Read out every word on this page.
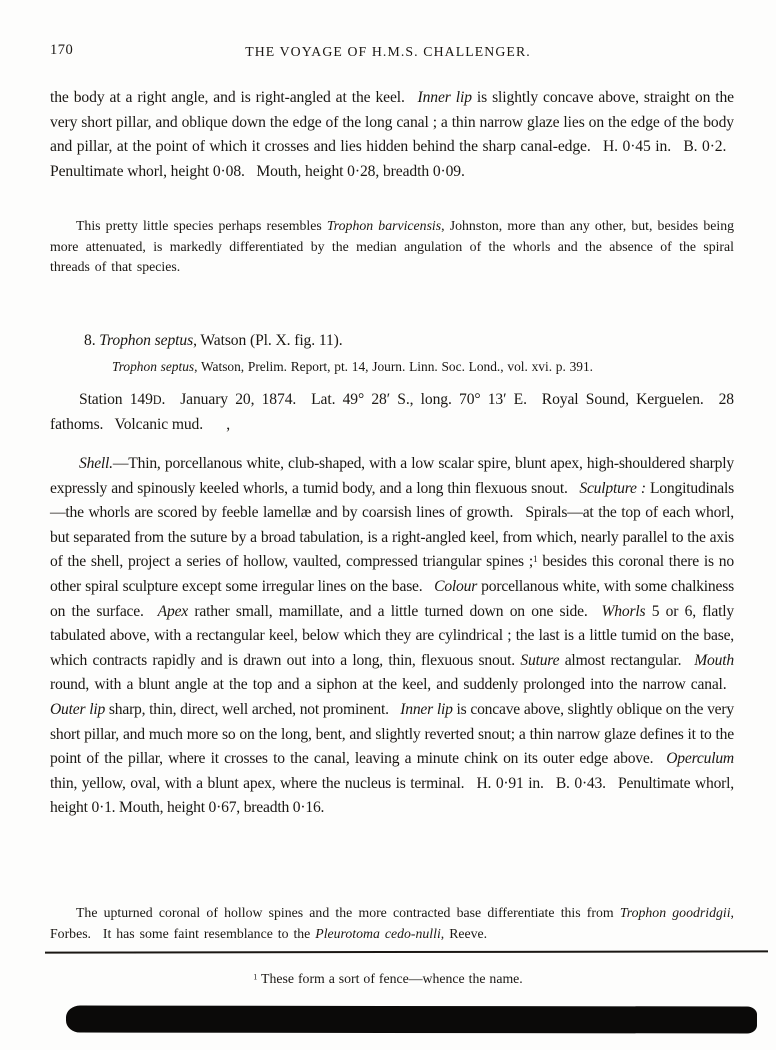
170	THE VOYAGE OF H.M.S. CHALLENGER.

the body at a right angle, and is right-angled at the keel.  Inner lip is slightly concave above, straight on the very short pillar, and oblique down the edge of the long canal ; a thin narrow glaze lies on the edge of the body and pillar, at the point of which it crosses and lies hidden behind the sharp canal-edge.  H. 0·45 in.  B. 0·2.  Penultimate whorl, height 0·08.  Mouth, height 0·28, breadth 0·09.

This pretty little species perhaps resembles Trophon barvicensis, Johnston, more than any other, but, besides being more attenuated, is markedly differentiated by the median angulation of the whorls and the absence of the spiral threads of that species.

8. Trophon septus, Watson (Pl. X. fig. 11).

Trophon septus, Watson, Prelim. Report, pt. 14, Journ. Linn. Soc. Lond., vol. xvi. p. 391.

Station 149D.  January 20, 1874.  Lat. 49° 28′ S., long. 70° 13′ E.  Royal Sound, Kerguelen.  28 fathoms.  Volcanic mud.  ,

Shell.—Thin, porcellanous white, club-shaped, with a low scalar spire, blunt apex, high-shouldered sharply expressly and spinously keeled whorls, a tumid body, and a long thin flexuous snout.  Sculpture : Longitudinals—the whorls are scored by feeble lamellæ and by coarsish lines of growth.  Spirals—at the top of each whorl, but separated from the suture by a broad tabulation, is a right-angled keel, from which, nearly parallel to the axis of the shell, project a series of hollow, vaulted, compressed triangular spines ;$^1$ besides this coronal there is no other spiral sculpture except some irregular lines on the base.  Colour porcellanous white, with some chalkiness on the surface.  Apex rather small, mamillate, and a little turned down on one side.  Whorls 5 or 6, flatly tabulated above, with a rectangular keel, below which they are cylindrical ; the last is a little tumid on the base, which contracts rapidly and is drawn out into a long, thin, flexuous snout. Suture almost rectangular.  Mouth round, with a blunt angle at the top and a siphon at the keel, and suddenly prolonged into the narrow canal.  Outer lip sharp, thin, direct, well arched, not prominent.  Inner lip is concave above, slightly oblique on the very short pillar, and much more so on the long, bent, and slightly reverted snout; a thin narrow glaze defines it to the point of the pillar, where it crosses to the canal, leaving a minute chink on its outer edge above.  Operculum thin, yellow, oval, with a blunt apex, where the nucleus is terminal.  H. 0·91 in.  B. 0·43.  Penultimate whorl, height 0·1. Mouth, height 0·67, breadth 0·16.

The upturned coronal of hollow spines and the more contracted base differentiate this from Trophon goodridgii, Forbes.  It has some faint resemblance to the Pleurotoma cedo-nulli, Reeve.

$^1$ These form a sort of fence—whence the name.
